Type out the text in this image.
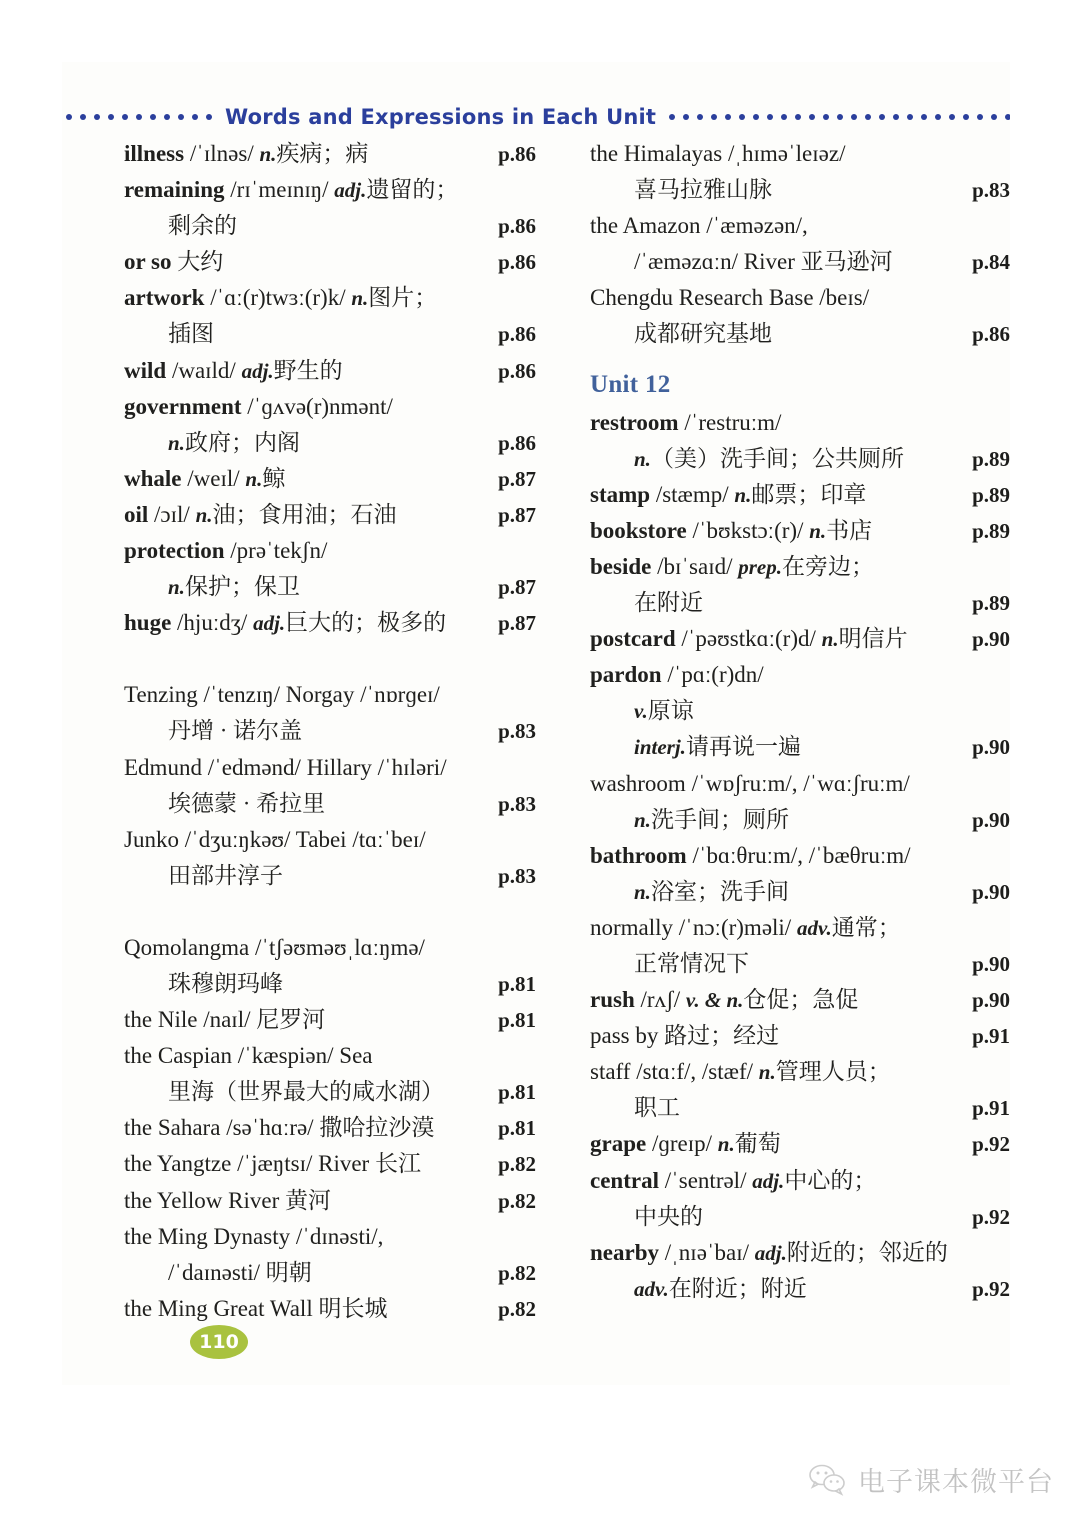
Words and Expressions in Each Unit
illness /ˈɪlnəs/ n.疾病；病	p.86
remaining /rɪˈmeɪnɪŋ/ adj.遗留的；
剩余的	p.86
or so 大约	p.86
artwork /ˈɑː(r)twɜː(r)k/ n.图片；
插图	p.86
wild /waɪld/ adj.野生的	p.86
government /ˈɡʌvə(r)nmənt/
n.政府；内阁	p.86
whale /weɪl/ n.鲸	p.87
oil /ɔɪl/ n.油；食用油；石油	p.87
protection /prəˈtekʃn/
n.保护；保卫	p.87
huge /hjuːdʒ/ adj.巨大的；极多的	p.87
Tenzing /ˈtenzɪŋ/ Norgay /ˈnɒrɡeɪ/
丹增 · 诺尔盖	p.83
Edmund /ˈedmənd/ Hillary /ˈhɪləri/
埃德蒙 · 希拉里	p.83
Junko /ˈdʒuːŋkəʊ/ Tabei /tɑːˈbeɪ/
田部井淳子	p.83
Qomolangma /ˈtʃəʊməʊˌlɑːŋmə/
珠穆朗玛峰	p.81
the Nile /naɪl/ 尼罗河	p.81
the Caspian /ˈkæspiən/ Sea
里海（世界最大的咸水湖）	p.81
the Sahara /səˈhɑːrə/ 撒哈拉沙漠	p.81
the Yangtze /ˈjæŋtsɪ/ River 长江	p.82
the Yellow River 黄河	p.82
the Ming Dynasty /ˈdɪnəsti/,
/ˈdaɪnəsti/ 明朝	p.82
the Ming Great Wall 明长城	p.82
the Himalayas /ˌhɪməˈleɪəz/
喜马拉雅山脉	p.83
the Amazon /ˈæməzən/,
/ˈæməzɑːn/ River 亚马逊河	p.84
Chengdu Research Base /beɪs/
成都研究基地	p.86
Unit 12
restroom /ˈrestruːm/
n.（美）洗手间；公共厕所	p.89
stamp /stæmp/ n.邮票；印章	p.89
bookstore /ˈbʊkstɔː(r)/ n.书店	p.89
beside /bɪˈsaɪd/ prep.在旁边；
在附近	p.89
postcard /ˈpəʊstkɑː(r)d/ n.明信片	p.90
pardon /ˈpɑː(r)dn/
v.原谅
interj.请再说一遍	p.90
washroom /ˈwɒʃruːm/, /ˈwɑːʃruːm/
n.洗手间；厕所	p.90
bathroom /ˈbɑːθruːm/, /ˈbæθruːm/
n.浴室；洗手间	p.90
normally /ˈnɔː(r)məli/ adv.通常；
正常情况下	p.90
rush /rʌʃ/ v. & n.仓促；急促	p.90
pass by 路过；经过	p.91
staff /stɑːf/, /stæf/ n.管理人员；
职工	p.91
grape /ɡreɪp/ n.葡萄	p.92
central /ˈsentrəl/ adj.中心的；
中央的	p.92
nearby /ˌnɪəˈbaɪ/ adj.附近的；邻近的
adv.在附近；附近	p.92
110
电子课本微平台
